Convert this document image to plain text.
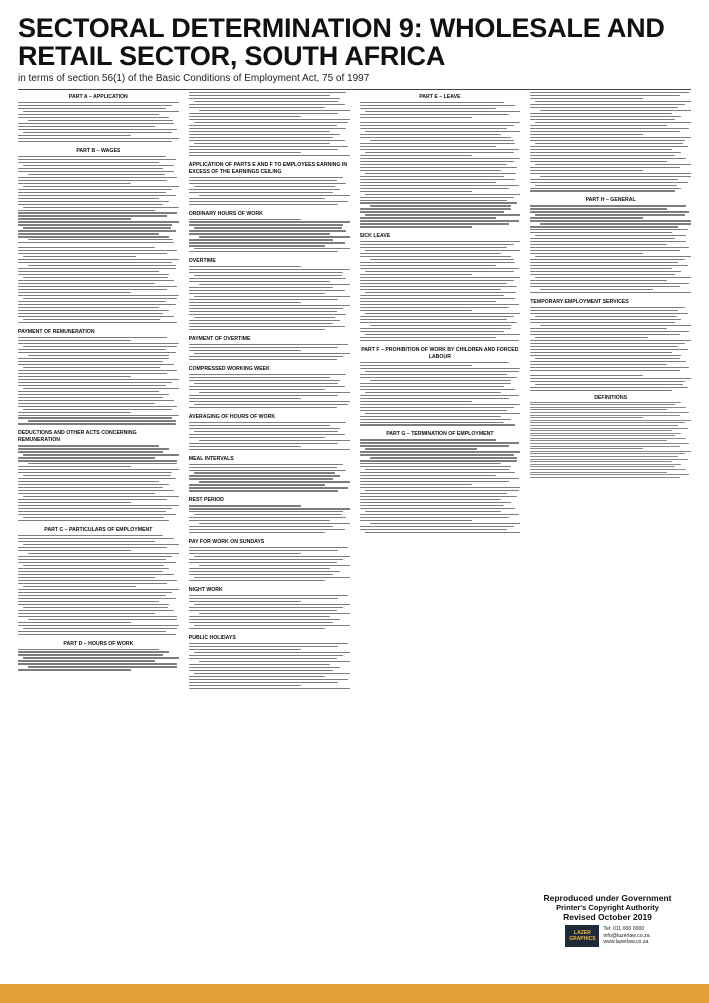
SECTORAL DETERMINATION 9: WHOLESALE AND RETAIL SECTOR, SOUTH AFRICA
in terms of section 56(1) of the Basic Conditions of Employment Act, 75 of 1997
PART A – APPLICATION
PART B – WAGES
PAYMENT OF REMUNERATION
DEDUCTIONS AND OTHER ACTS CONCERNING REMUNERATION
PART C – PARTICULARS OF EMPLOYMENT
PART D – HOURS OF WORK
APPLICATION OF PARTS E AND F TO EMPLOYEES EARNING IN EXCESS OF THE EARNINGS CEILING
ORDINARY HOURS OF WORK
OVERTIME
PAYMENT OF OVERTIME
COMPRESSED WORKING WEEK
AVERAGING OF HOURS OF WORK
MEAL INTERVALS
REST PERIOD
PAY FOR WORK ON SUNDAYS
NIGHT WORK
PUBLIC HOLIDAYS
PART E – LEAVE
SICK LEAVE
PART F – PROHIBITION OF WORK BY CHILDREN AND FORCED LABOUR
PART G – TERMINATION OF EMPLOYMENT
PART H – GENERAL
TEMPORARY EMPLOYMENT SERVICES
DEFINITIONS
Reproduced under Government
Printer's Copyright Authority
Revised October 2019
LAZER GRAPHICS
Tel: 011 000 0000
info@lazerlaw.co.za
www.lazerlaw.co.za
